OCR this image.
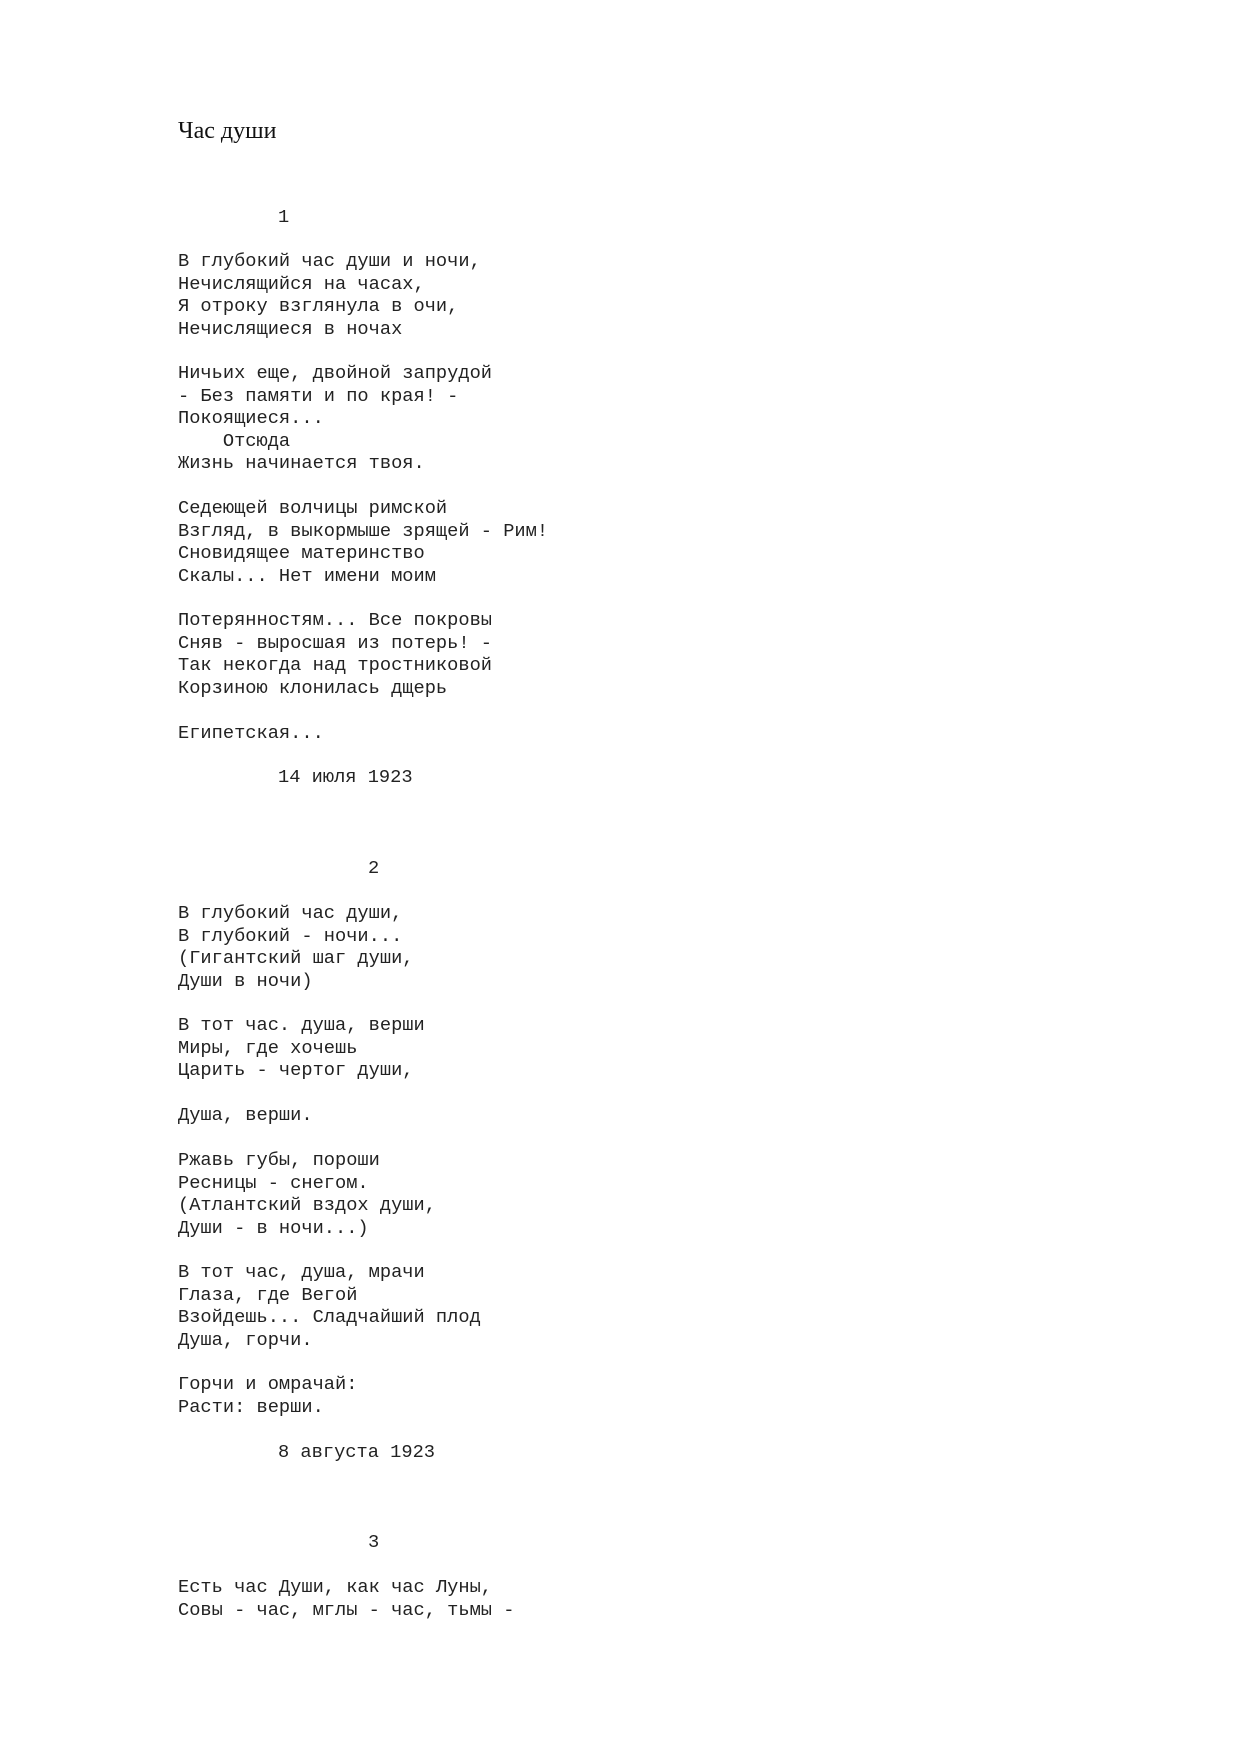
Час души
1
В глубокий час души и ночи,
Нечислящийся на часах,
Я отроку взглянула в очи,
Нечислящиеся в ночах
Ничьих еще, двойной запрудой
- Без памяти и по края! -
Покоящиеся...
Отсюда
Жизнь начинается твоя.
Седеющей волчицы римской
Взгляд, в выкормыше зрящей - Рим!
Сновидящее материнство
Скалы... Нет имени моим
Потерянностям... Все покровы
Сняв - выросшая из потерь! -
Так некогда над тростниковой
Корзиною клонилась дщерь
Египетская...
14 июля 1923
2
В глубокий час души,
В глубокий - ночи...
(Гигантский шаг души,
Души в ночи)
В тот час. душа, верши
Миры, где хочешь
Царить - чертог души,
Душа, верши.
Ржавь губы, пороши
Ресницы - снегом.
(Атлантский вздох души,
Души - в ночи...)
В тот час, душа, мрачи
Глаза, где Вегой
Взойдешь... Сладчайший плод
Душа, горчи.
Горчи и омрачай:
Расти: верши.
8 августа 1923
3
Есть час Души, как час Луны,
Совы - час, мглы - час, тьмы -
